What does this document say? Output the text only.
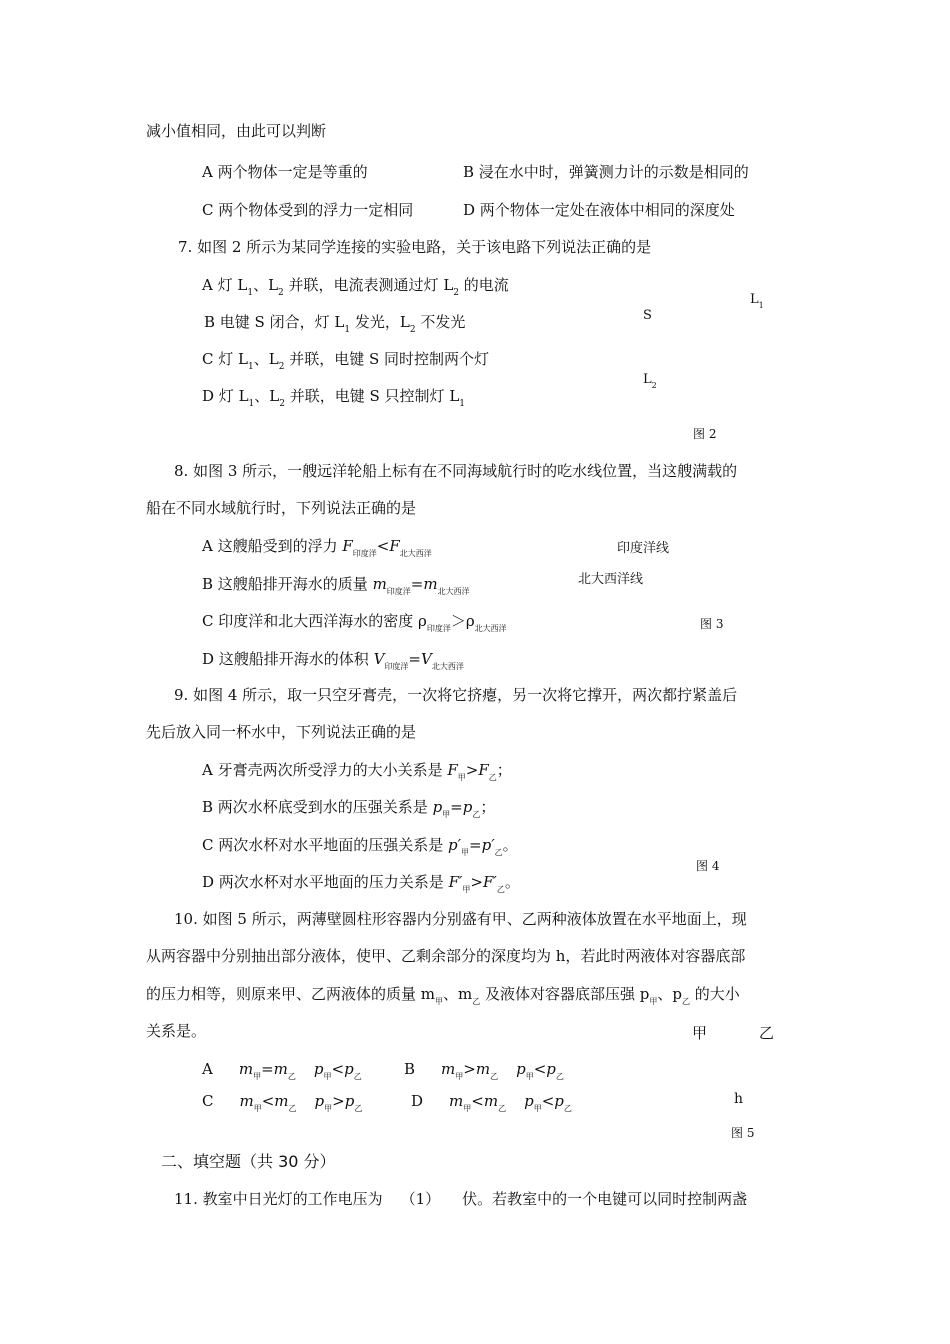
减小值相同，由此可以判断
A 两个物体一定是等重的	B 浸在水中时，弹簧测力计的示数是相同的
C 两个物体受到的浮力一定相同	D 两个物体一定处在液体中相同的深度处
7. 如图 2 所示为某同学连接的实验电路，关于该电路下列说法正确的是
A 灯 $L_1$、$L_2$ 并联，电流表测通过灯 $L_2$ 的电流
B 电键 S 闭合，灯 $L_1$ 发光，$L_2$ 不发光
C 灯 $L_1$、$L_2$ 并联，电键 S 同时控制两个灯
D 灯 $L_1$、$L_2$ 并联，电键 S 只控制灯 $L_1$
S
$L_1$
$L_2$
图 2
8. 如图 3 所示，一艘远洋轮船上标有在不同海域航行时的吃水线位置，当这艘满载的
船在不同水域航行时，下列说法正确的是
A 这艘船受到的浮力 $F_{印度洋}<F_{北大西洋}$
B 这艘船排开海水的质量 $m_{印度洋}=m_{北大西洋}$
C 印度洋和北大西洋海水的密度 $\rho_{印度洋}>\rho_{北大西洋}$
D 这艘船排开海水的体积 $V_{印度洋}=V_{北大西洋}$
印度洋线
北大西洋线
图 3
9. 如图 4 所示，取一只空牙膏壳，一次将它挤瘪，另一次将它撑开，两次都拧紧盖后
先后放入同一杯水中，下列说法正确的是
A 牙膏壳两次所受浮力的大小关系是 $F_甲>F_乙$；
B 两次水杯底受到水的压强关系是 $p_甲=p_乙$；
C 两次水杯对水平地面的压强关系是 $p'_甲=p'_乙$。
D 两次水杯对水平地面的压力关系是 $F'_甲>F'_乙$。
图 4
10. 如图 5 所示，两薄壁圆柱形容器内分别盛有甲、乙两种液体放置在水平地面上，现
从两容器中分别抽出部分液体，使甲、乙剩余部分的深度均为 h，若此时两液体对容器底部
的压力相等，则原来甲、乙两液体的质量 $m_甲$、$m_乙$ 及液体对容器底部压强 $p_甲$、$p_乙$ 的大小
关系是。
A $m_甲=m_乙$ $p_甲<p_乙$	B $m_甲>m_乙$ $p_甲<p_乙$
C $m_甲<m_乙$ $p_甲>p_乙$	D $m_甲<m_乙$ $p_甲<p_乙$
甲	乙
h
图 5
二、填空题（共 30 分）
11. 教室中日光灯的工作电压为 （1） 伏。若教室中的一个电键可以同时控制两盏
